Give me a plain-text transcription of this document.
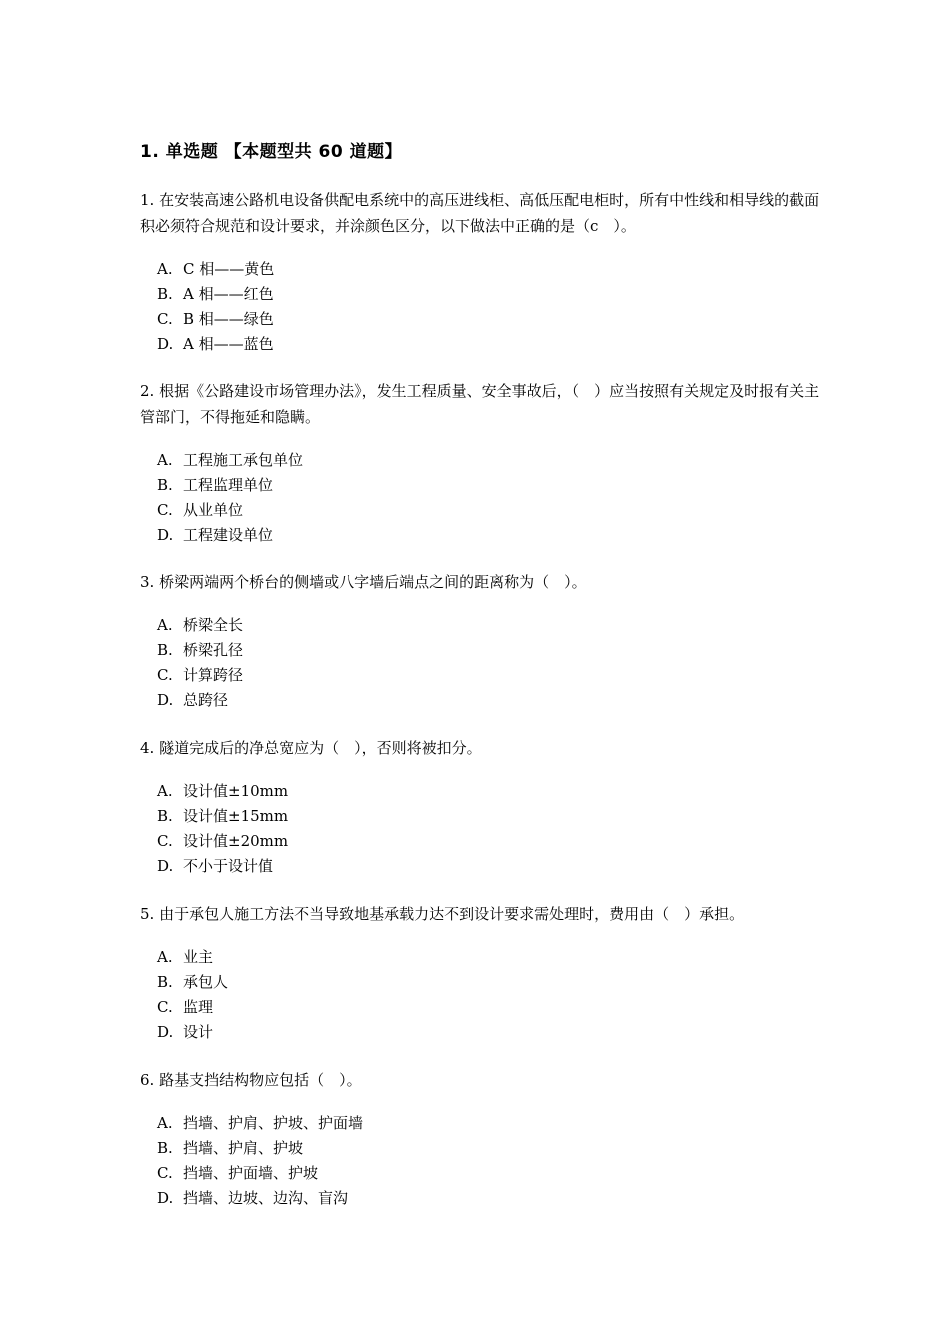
1. 单选题 【本题型共 60 道题】

1. 在安装高速公路机电设备供配电系统中的高压进线柜、高低压配电柜时，所有中性线和相导线的截面积必须符合规范和设计要求，并涂颜色区分，以下做法中正确的是（c　）。

A. C 相——黄色
B. A 相——红色
C. B 相——绿色
D. A 相——蓝色

2. 根据《公路建设市场管理办法》，发生工程质量、安全事故后，（　）应当按照有关规定及时报有关主管部门，不得拖延和隐瞒。

A. 工程施工承包单位
B. 工程监理单位
C. 从业单位
D. 工程建设单位

3. 桥梁两端两个桥台的侧墙或八字墙后端点之间的距离称为（　）。

A. 桥梁全长
B. 桥梁孔径
C. 计算跨径
D. 总跨径

4. 隧道完成后的净总宽应为（　），否则将被扣分。

A. 设计值±10mm
B. 设计值±15mm
C. 设计值±20mm
D. 不小于设计值

5. 由于承包人施工方法不当导致地基承载力达不到设计要求需处理时，费用由（　）承担。

A. 业主
B. 承包人
C. 监理
D. 设计

6. 路基支挡结构物应包括（　）。

A. 挡墙、护肩、护坡、护面墙
B. 挡墙、护肩、护坡
C. 挡墙、护面墙、护坡
D. 挡墙、边坡、边沟、盲沟
